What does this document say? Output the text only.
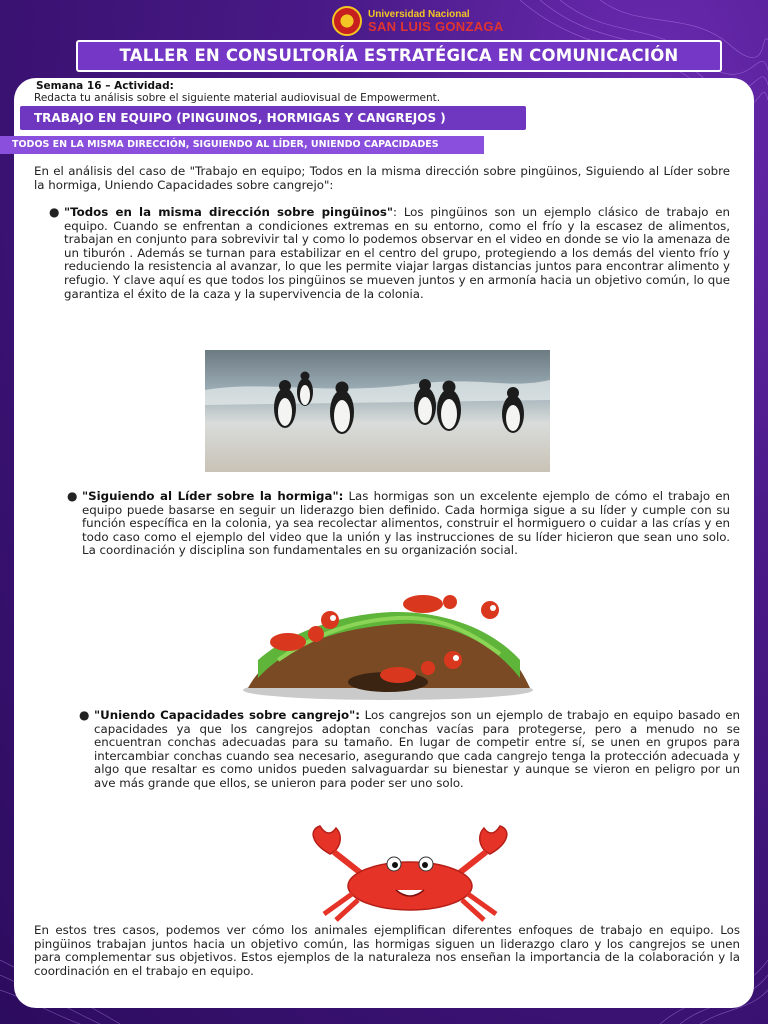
Universidad Nacional
SAN LUIS GONZAGA
TALLER EN CONSULTORÍA ESTRATÉGICA EN COMUNICACIÓN
Semana 16 – Actividad:
Redacta tu análisis sobre el siguiente material audiovisual de Empowerment.
TRABAJO EN EQUIPO (PINGUINOS, HORMIGAS Y CANGREJOS )
TODOS EN LA MISMA DIRECCIÓN, SIGUIENDO AL LÍDER, UNIENDO CAPACIDADES

En el análisis del caso de "Trabajo en equipo; Todos en la misma dirección sobre pingüinos, Siguiendo al Líder sobre la hormiga, Uniendo Capacidades sobre cangrejo":

● "Todos en la misma dirección sobre pingüinos": Los pingüinos son un ejemplo clásico de trabajo en equipo. Cuando se enfrentan a condiciones extremas en su entorno, como el frío y la escasez de alimentos, trabajan en conjunto para sobrevivir tal y como lo podemos observar en el video en donde se vio la amenaza de un tiburón . Además se turnan para estabilizar en el centro del grupo, protegiendo a los demás del viento frío y reduciendo la resistencia al avanzar, lo que les permite viajar largas distancias juntos para encontrar alimento y refugio. Y clave aquí es que todos los pingüinos se mueven juntos y en armonía hacia un objetivo común, lo que garantiza el éxito de la caza y la supervivencia de la colonia.
● "Siguiendo al Líder sobre la hormiga": Las hormigas son un excelente ejemplo de cómo el trabajo en equipo puede basarse en seguir un liderazgo bien definido. Cada hormiga sigue a su líder y cumple con su función específica en la colonia, ya sea recolectar alimentos, construir el hormiguero o cuidar a las crías y en todo caso como el ejemplo del video que la unión y las instrucciones de su líder hicieron que sean uno solo. La coordinación y disciplina son fundamentales en su organización social.
● "Uniendo Capacidades sobre cangrejo": Los cangrejos son un ejemplo de trabajo en equipo basado en capacidades ya que los cangrejos adoptan conchas vacías para protegerse, pero a menudo no se encuentran conchas adecuadas para su tamaño. En lugar de competir entre sí, se unen en grupos para intercambiar conchas cuando sea necesario, asegurando que cada cangrejo tenga la protección adecuada y algo que resaltar es como unidos pueden salvaguardar su bienestar y aunque se vieron en peligro por un ave más grande que ellos, se unieron para poder ser uno solo.

En estos tres casos, podemos ver cómo los animales ejemplifican diferentes enfoques de trabajo en equipo. Los pingüinos trabajan juntos hacia un objetivo común, las hormigas siguen un liderazgo claro y los cangrejos se unen para complementar sus objetivos. Estos ejemplos de la naturaleza nos enseñan la importancia de la colaboración y la coordinación en el trabajo en equipo.
